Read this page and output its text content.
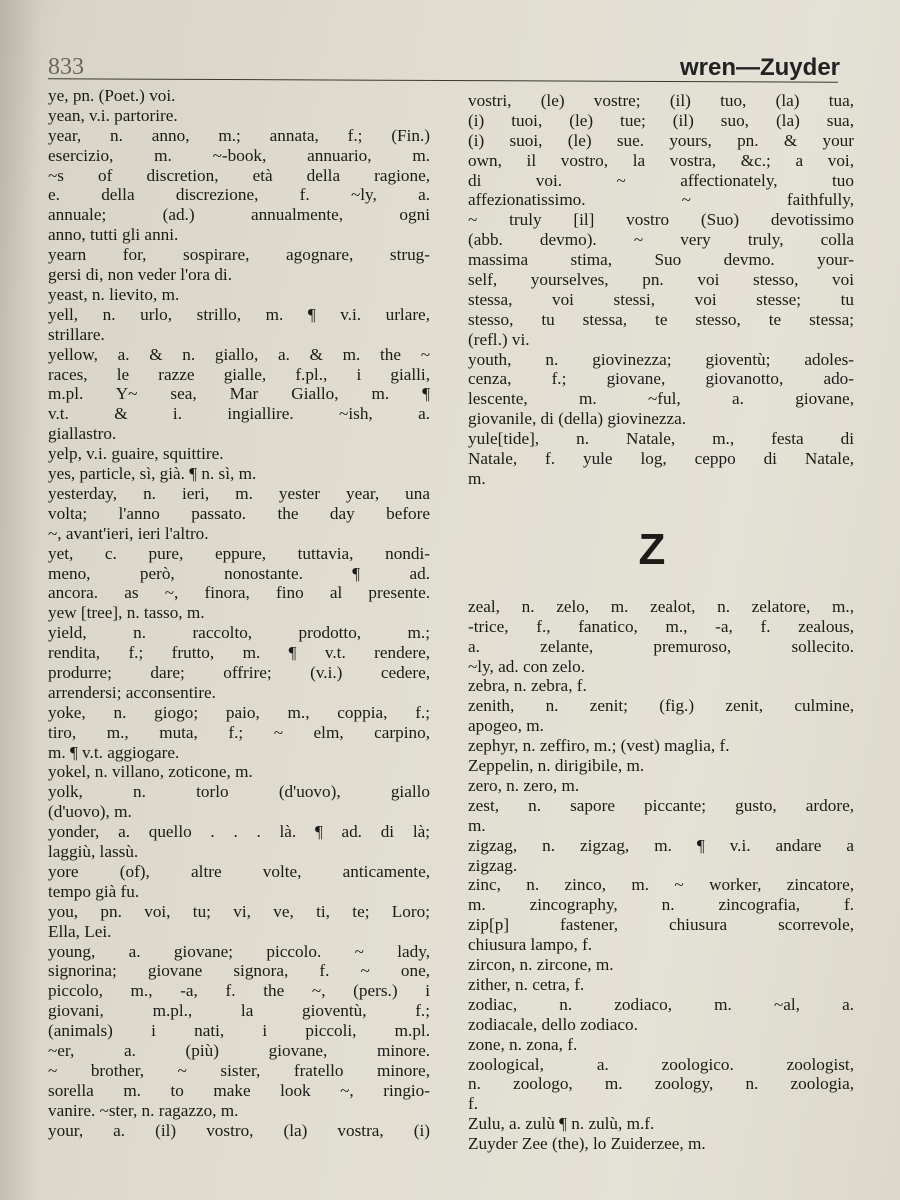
833	wren—Zuyder
ye, pn. (Poet.) voi.
yean, v.i. partorire.
year, n. anno, m.; annata, f.; (Fin.)
esercizio, m. ~-book, annuario, m.
~s of discretion, età della ragione,
e. della discrezione, f. ~ly, a.
annuale; (ad.) annualmente, ogni
anno, tutti gli anni.
yearn for, sospirare, agognare, strug-
gersi di, non veder l'ora di.
yeast, n. lievito, m.
yell, n. urlo, strillo, m. ¶ v.i. urlare,
strillare.
yellow, a. & n. giallo, a. & m. the ~
races, le razze gialle, f.pl., i gialli,
m.pl. Y~ sea, Mar Giallo, m. ¶
v.t. & i. ingiallire. ~ish, a.
giallastro.
yelp, v.i. guaire, squittire.
yes, particle, sì, già. ¶ n. sì, m.
yesterday, n. ieri, m. yester year, una
volta; l'anno passato. the day before
~, avant'ieri, ieri l'altro.
yet, c. pure, eppure, tuttavia, nondi-
meno, però, nonostante. ¶ ad.
ancora. as ~, finora, fino al presente.
yew [tree], n. tasso, m.
yield, n. raccolto, prodotto, m.;
rendita, f.; frutto, m. ¶ v.t. rendere,
produrre; dare; offrire; (v.i.) cedere,
arrendersi; acconsentire.
yoke, n. giogo; paio, m., coppia, f.;
tiro, m., muta, f.; ~ elm, carpino,
m. ¶ v.t. aggiogare.
yokel, n. villano, zoticone, m.
yolk, n. torlo (d'uovo), giallo
(d'uovo), m.
yonder, a. quello . . . là. ¶ ad. di là;
laggiù, lassù.
yore (of), altre volte, anticamente,
tempo già fu.
you, pn. voi, tu; vi, ve, ti, te; Loro;
Ella, Lei.
young, a. giovane; piccolo. ~ lady,
signorina; giovane signora, f. ~ one,
piccolo, m., -a, f. the ~, (pers.) i
giovani, m.pl., la gioventù, f.;
(animals) i nati, i piccoli, m.pl.
~er, a. (più) giovane, minore.
~ brother, ~ sister, fratello minore,
sorella m. to make look ~, ringio-
vanire. ~ster, n. ragazzo, m.
your, a. (il) vostro, (la) vostra, (i)
vostri, (le) vostre; (il) tuo, (la) tua,
(i) tuoi, (le) tue; (il) suo, (la) sua,
(i) suoi, (le) sue. yours, pn. & your
own, il vostro, la vostra, &c.; a voi,
di voi. ~ affectionately, tuo
affezionatissimo. ~ faithfully,
~ truly [il] vostro (Suo) devotissimo
(abb. devmo). ~ very truly, colla
massima stima, Suo devmo. your-
self, yourselves, pn. voi stesso, voi
stessa, voi stessi, voi stesse; tu
stesso, tu stessa, te stesso, te stessa;
(refl.) vi.
youth, n. giovinezza; gioventù; adoles-
cenza, f.; giovane, giovanotto, ado-
lescente, m. ~ful, a. giovane,
giovanile, di (della) giovinezza.
yule[tide], n. Natale, m., festa di
Natale, f. yule log, ceppo di Natale,
m.
Z
zeal, n. zelo, m. zealot, n. zelatore, m.,
-trice, f., fanatico, m., -a, f. zealous,
a. zelante, premuroso, sollecito.
~ly, ad. con zelo.
zebra, n. zebra, f.
zenith, n. zenit; (fig.) zenit, culmine,
apogeo, m.
zephyr, n. zeffiro, m.; (vest) maglia, f.
Zeppelin, n. dirigibile, m.
zero, n. zero, m.
zest, n. sapore piccante; gusto, ardore,
m.
zigzag, n. zigzag, m. ¶ v.i. andare a
zigzag.
zinc, n. zinco, m. ~ worker, zincatore,
m. zincography, n. zincografia, f.
zip[p] fastener, chiusura scorrevole,
chiusura lampo, f.
zircon, n. zircone, m.
zither, n. cetra, f.
zodiac, n. zodiaco, m. ~al, a.
zodiacale, dello zodiaco.
zone, n. zona, f.
zoological, a. zoologico. zoologist,
n. zoologo, m. zoology, n. zoologia,
f.
Zulu, a. zulù ¶ n. zulù, m.f.
Zuyder Zee (the), lo Zuiderzee, m.
